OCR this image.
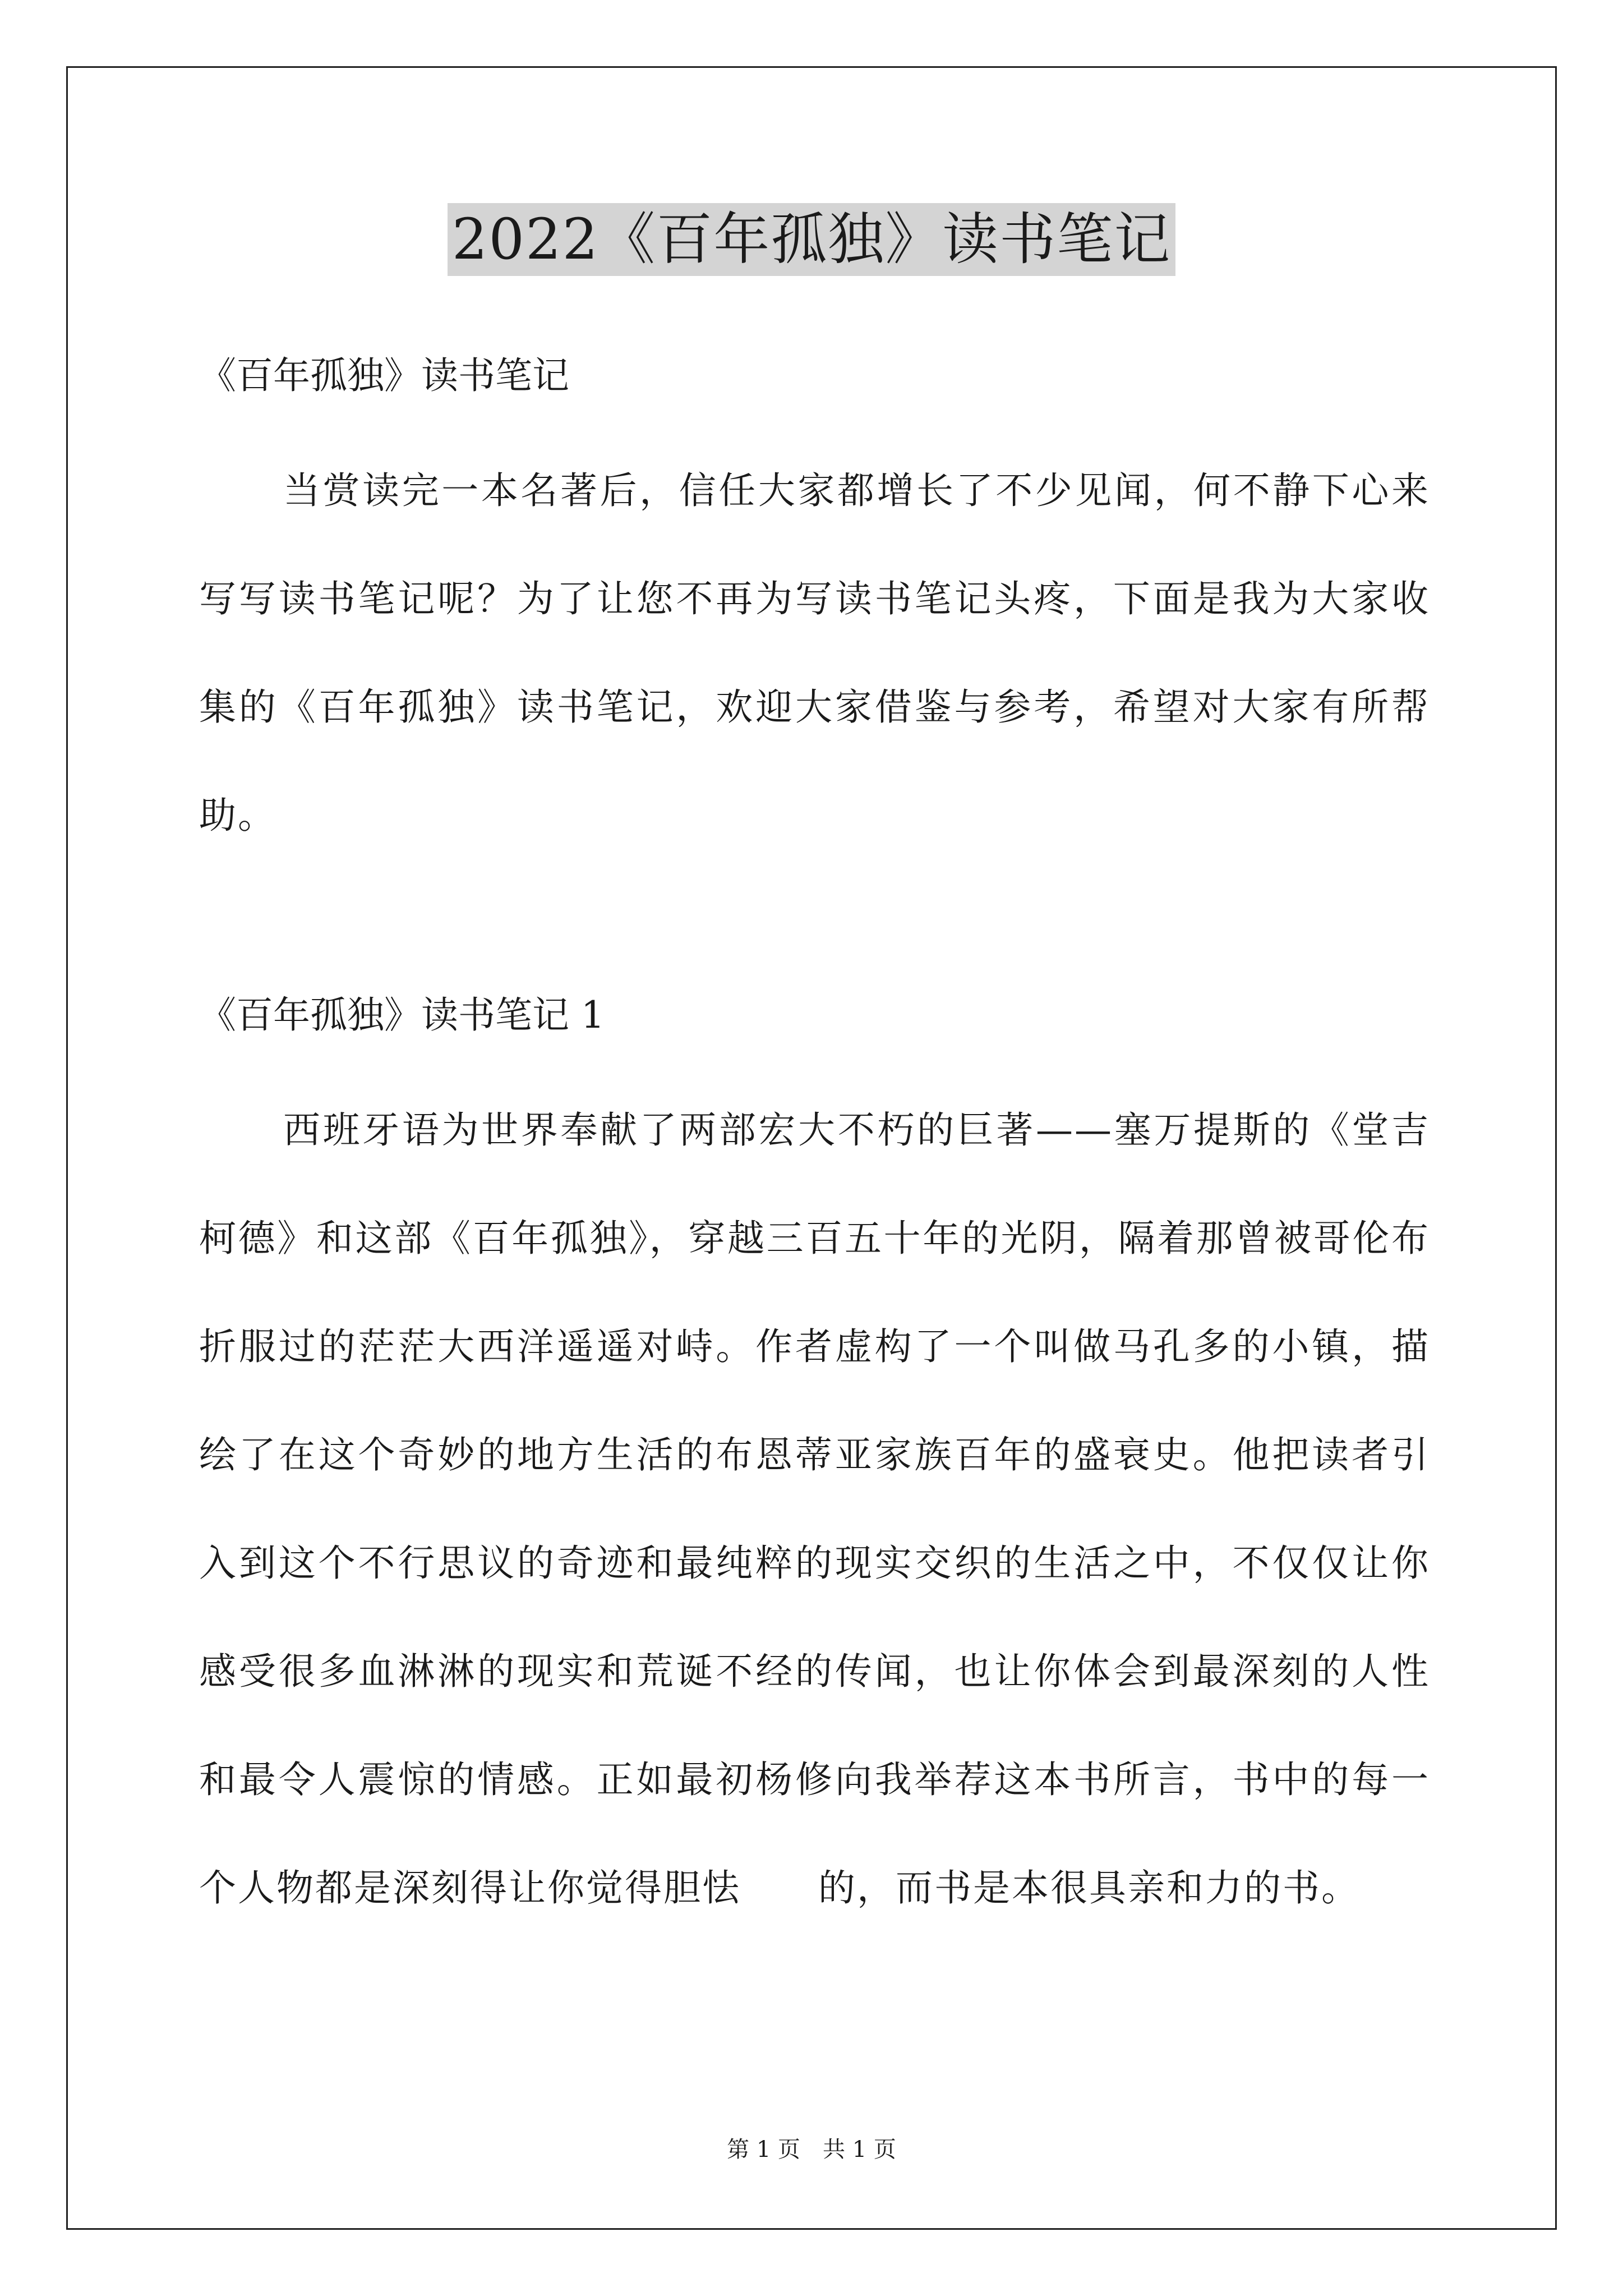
2022《百年孤独》读书笔记
《百年孤独》读书笔记
当赏读完一本名著后，信任大家都增长了不少见闻，何不静下心来写写读书笔记呢？为了让您不再为写读书笔记头疼，下面是我为大家收集的《百年孤独》读书笔记，欢迎大家借鉴与参考，希望对大家有所帮助。
《百年孤独》读书笔记 1
西班牙语为世界奉献了两部宏大不朽的巨著——塞万提斯的《堂吉柯德》和这部《百年孤独》，穿越三百五十年的光阴，隔着那曾被哥伦布折服过的茫茫大西洋遥遥对峙。作者虚构了一个叫做马孔多的小镇，描绘了在这个奇妙的地方生活的布恩蒂亚家族百年的盛衰史。他把读者引入到这个不行思议的奇迹和最纯粹的现实交织的生活之中，不仅仅让你感受很多血淋淋的现实和荒诞不经的传闻，也让你体会到最深刻的人性和最令人震惊的情感。正如最初杨修向我举荐这本书所言，书中的每一个人物都是深刻得让你觉得胆怯　　的，而书是本很具亲和力的书。
第 1 页　共 1 页
